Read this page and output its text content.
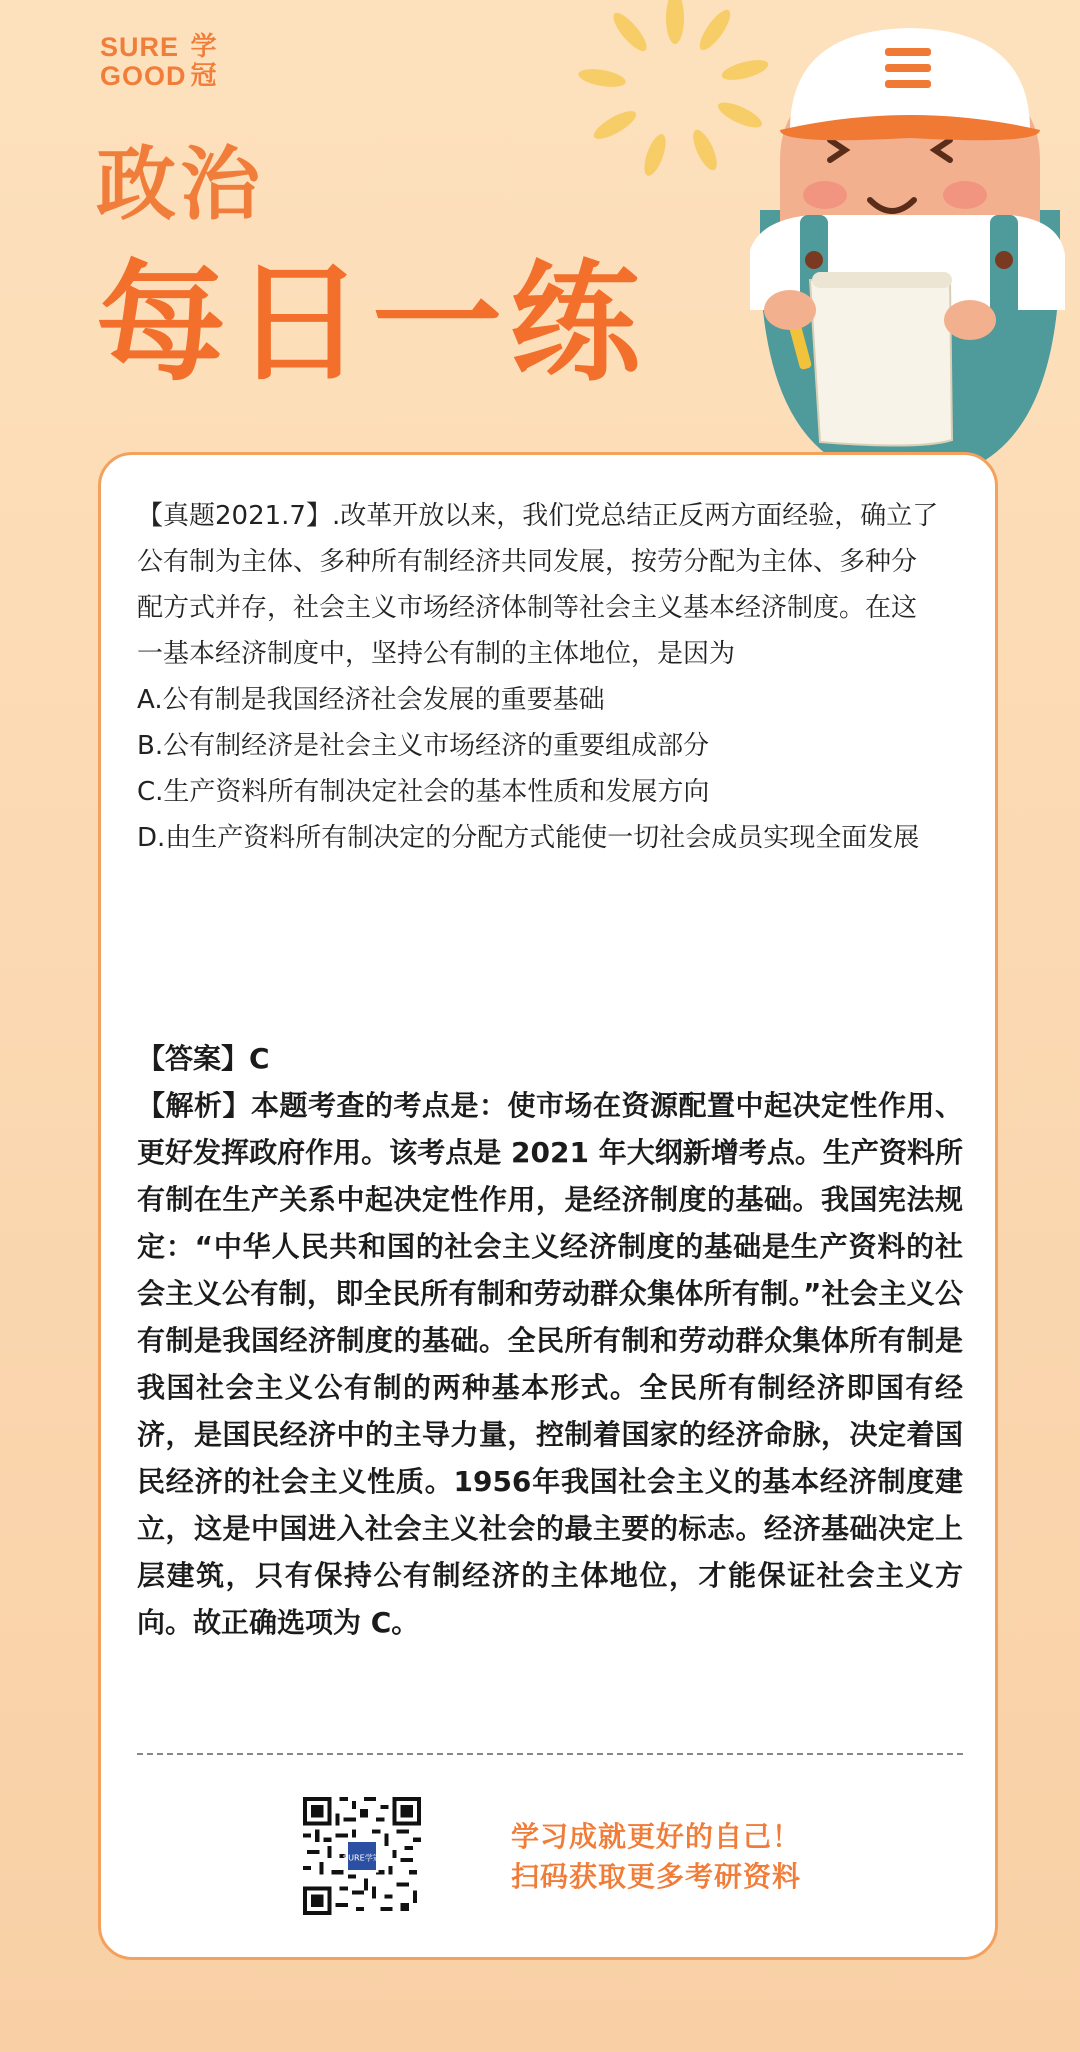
SURE
GOOD
学
冠
政治
每日一练

【真题2021.7】.改革开放以来，我们党总结正反两方面经验，确立了

公有制为主体、多种所有制经济共同发展，按劳分配为主体、多种分

配方式并存，社会主义市场经济体制等社会主义基本经济制度。在这

一基本经济制度中，坚持公有制的主体地位，是因为

A.公有制是我国经济社会发展的重要基础

B.公有制经济是社会主义市场经济的重要组成部分

C.生产资料所有制决定社会的基本性质和发展方向

D.由生产资料所有制决定的分配方式能使一切社会成员实现全面发展

【答案】C

【解析】本题考查的考点是：使市场在资源配置中起决定性作用、更好发挥政府作用。该考点是 2021 年大纲新增考点。生产资料所有制在生产关系中起决定性作用，是经济制度的基础。我国宪法规定：“中华人民共和国的社会主义经济制度的基础是生产资料的社会主义公有制，即全民所有制和劳动群众集体所有制。”社会主义公有制是我国经济制度的基础。全民所有制和劳动群众集体所有制是我国社会主义公有制的两种基本形式。全民所有制经济即国有经济，是国民经济中的主导力量，控制着国家的经济命脉，决定着国民经济的社会主义性质。1956年我国社会主义的基本经济制度建立，这是中国进入社会主义社会的最主要的标志。经济基础决定上层建筑，只有保持公有制经济的主体地位，才能保证社会主义方向。故正确选项为 C。

SURE学冠
学习成就更好的自己！
扫码获取更多考研资料
